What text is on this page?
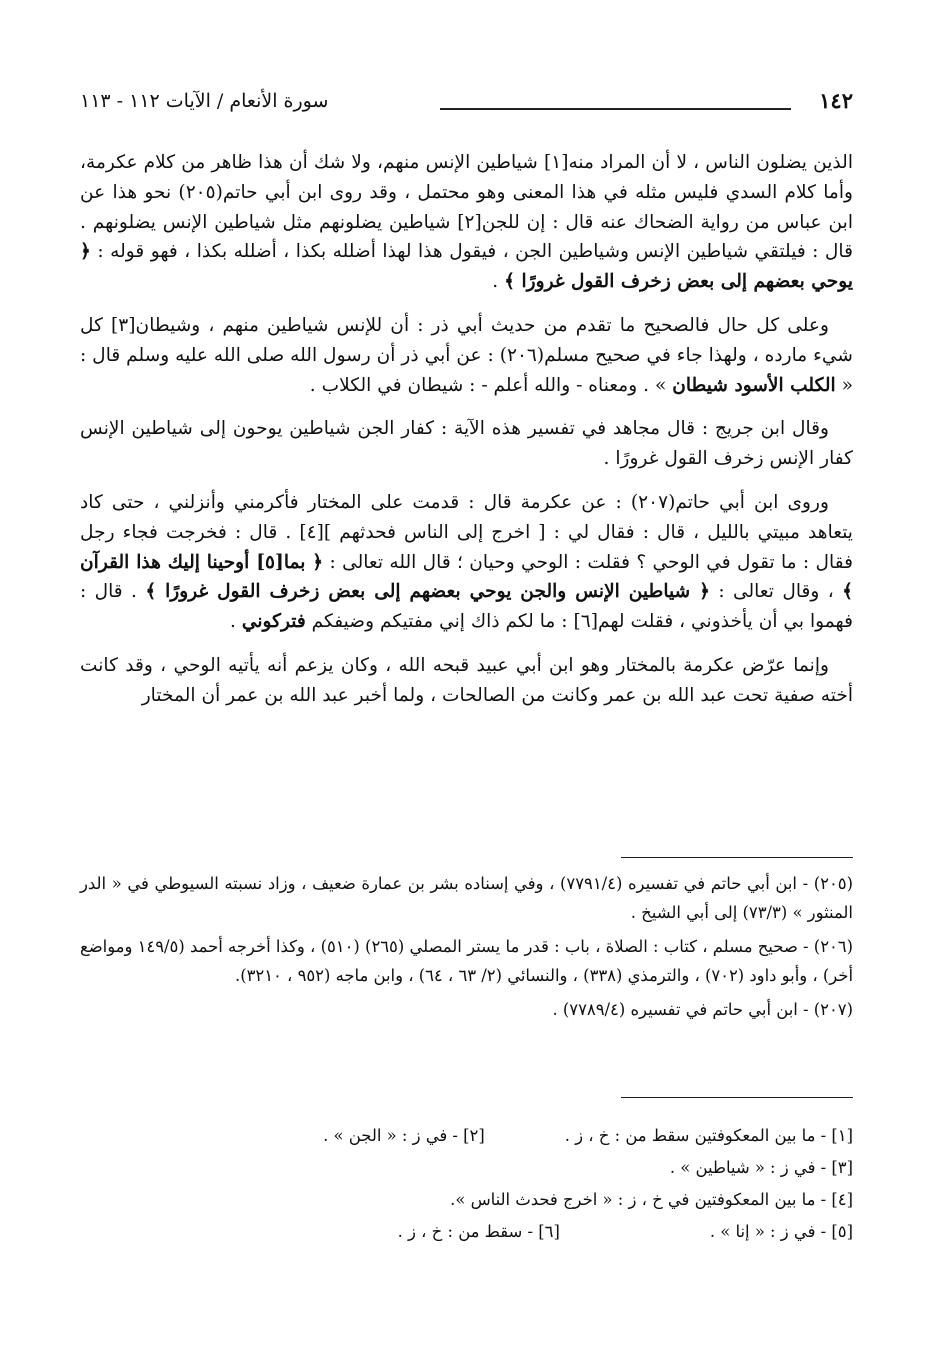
١٤٢
سورة الأنعام / الآيات ١١٢ - ١١٣

الذين يضلون الناس ، لا أن المراد منه[١] شياطين الإنس منهم، ولا شك أن هذا ظاهر من كلام عكرمة، وأما كلام السدي فليس مثله في هذا المعنى وهو محتمل ، وقد روى ابن أبي حاتم(٢٠٥) نحو هذا عن ابن عباس من رواية الضحاك عنه قال : إن للجن[٢] شياطين يضلونهم مثل شياطين الإنس يضلونهم . قال : فيلتقي شياطين الإنس وشياطين الجن ، فيقول هذا لهذا أضلله بكذا ، أضلله بكذا ، فهو قوله : ﴿ يوحي بعضهم إلى بعض زخرف القول غرورًا ﴾ .

وعلى كل حال فالصحيح ما تقدم من حديث أبي ذر : أن للإنس شياطين منهم ، وشيطان[٣] كل شيء مارده ، ولهذا جاء في صحيح مسلم(٢٠٦) : عن أبي ذر أن رسول الله صلى الله عليه وسلم قال : « الكلب الأسود شيطان » . ومعناه - والله أعلم - : شيطان في الكلاب .

وقال ابن جريج : قال مجاهد في تفسير هذه الآية : كفار الجن شياطين يوحون إلى شياطين الإنس كفار الإنس زخرف القول غرورًا .

وروى ابن أبي حاتم(٢٠٧) : عن عكرمة قال : قدمت على المختار فأكرمني وأنزلني ، حتى كاد يتعاهد مبيتي بالليل ، قال : فقال لي : [ اخرج إلى الناس فحدثهم ][٤] . قال : فخرجت فجاء رجل فقال : ما تقول في الوحي ؟ فقلت : الوحي وحيان ؛ قال الله تعالى : ﴿ بما[٥] أوحينا إليك هذا القرآن ﴾ ، وقال تعالى : ﴿ شياطين الإنس والجن يوحي بعضهم إلى بعض زخرف القول غرورًا ﴾ . قال : فهموا بي أن يأخذوني ، فقلت لهم[٦] : ما لكم ذاك إني مفتيكم وضيفكم فتركوني .

وإنما عرّض عكرمة بالمختار وهو ابن أبي عبيد قبحه الله ، وكان يزعم أنه يأتيه الوحي ، وقد كانت أخته صفية تحت عبد الله بن عمر وكانت من الصالحات ، ولما أخبر عبد الله بن عمر أن المختار

(٢٠٥) - ابن أبي حاتم في تفسيره (٧٧٩١/٤) ، وفي إسناده بشر بن عمارة ضعيف ، وزاد نسبته السيوطي في « الدر المنثور » (٧٣/٣) إلى أبي الشيخ .

(٢٠٦) - صحيح مسلم ، كتاب : الصلاة ، باب : قدر ما يستر المصلي (٢٦٥) (٥١٠) ، وكذا أخرجه أحمد (١٤٩/٥ ومواضع أخر) ، وأبو داود (٧٠٢) ، والترمذي (٣٣٨) ، والنسائي (٢/ ٦٣ ، ٦٤) ، وابن ماجه (٩٥٢ ، ٣٢١٠).

(٢٠٧) - ابن أبي حاتم في تفسيره (٧٧٨٩/٤) .

[١] - ما بين المعكوفتين سقط من : خ ، ز .[٢] - في ز : « الجن » .

[٣] - في ز : « شياطين » .

[٤] - ما بين المعكوفتين في خ ، ز : « اخرج فحدث الناس ».

[٥] - في ز : « إنا » .[٦] - سقط من : خ ، ز .
